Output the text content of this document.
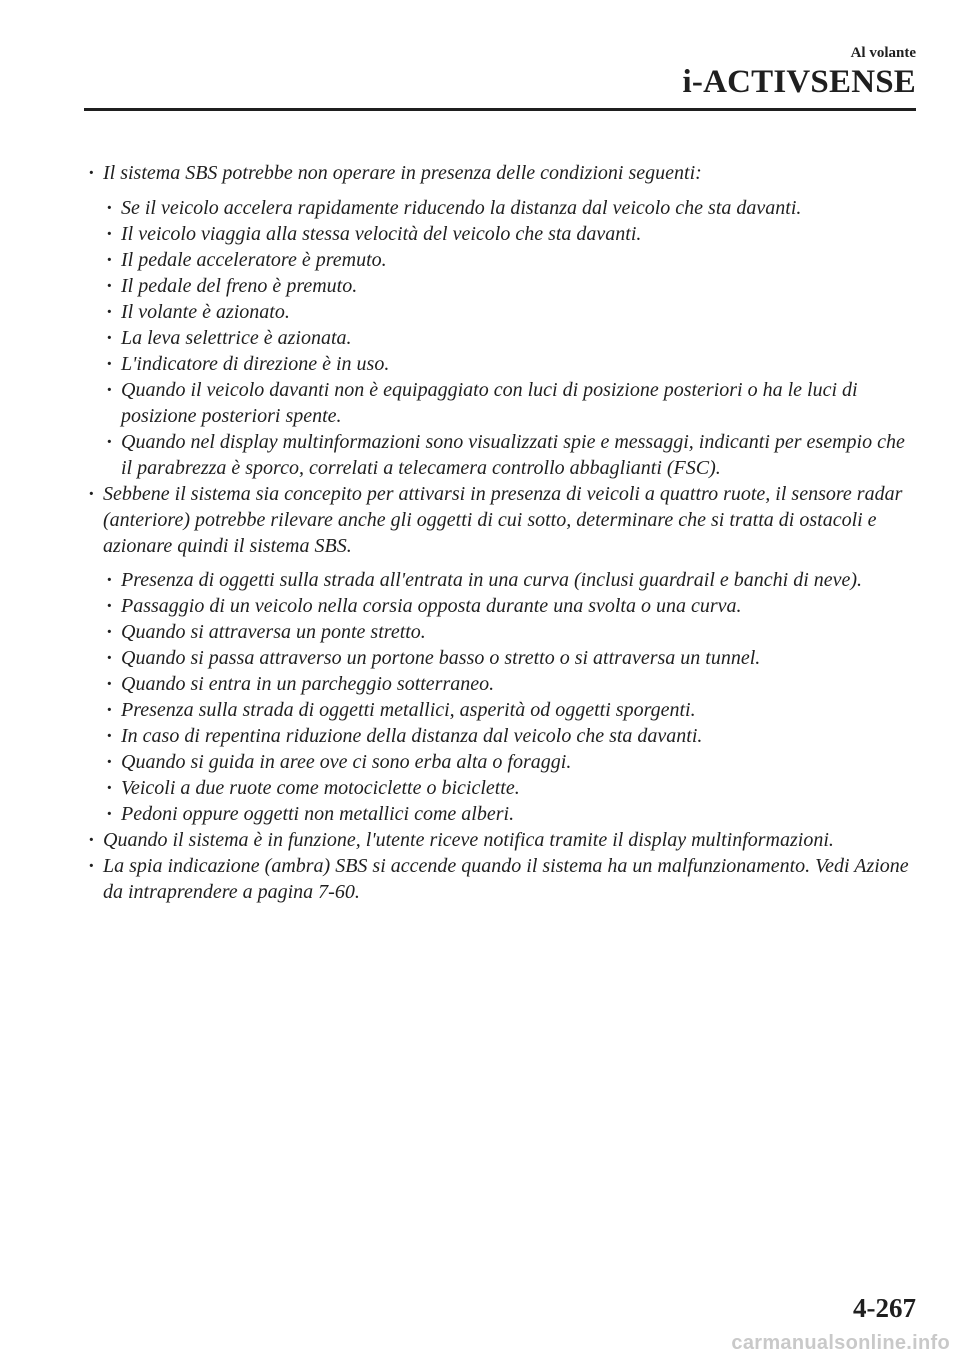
Al volante
i-ACTIVSENSE
· Il sistema SBS potrebbe non operare in presenza delle condizioni seguenti:
· Se il veicolo accelera rapidamente riducendo la distanza dal veicolo che sta davanti.
· Il veicolo viaggia alla stessa velocità del veicolo che sta davanti.
· Il pedale acceleratore è premuto.
· Il pedale del freno è premuto.
· Il volante è azionato.
· La leva selettrice è azionata.
· L'indicatore di direzione è in uso.
· Quando il veicolo davanti non è equipaggiato con luci di posizione posteriori o ha le luci di posizione posteriori spente.
· Quando nel display multinformazioni sono visualizzati spie e messaggi, indicanti per esempio che il parabrezza è sporco, correlati a telecamera controllo abbaglianti (FSC).
· Sebbene il sistema sia concepito per attivarsi in presenza di veicoli a quattro ruote, il sensore radar (anteriore) potrebbe rilevare anche gli oggetti di cui sotto, determinare che si tratta di ostacoli e azionare quindi il sistema SBS.
· Presenza di oggetti sulla strada all'entrata in una curva (inclusi guardrail e banchi di neve).
· Passaggio di un veicolo nella corsia opposta durante una svolta o una curva.
· Quando si attraversa un ponte stretto.
· Quando si passa attraverso un portone basso o stretto o si attraversa un tunnel.
· Quando si entra in un parcheggio sotterraneo.
· Presenza sulla strada di oggetti metallici, asperità od oggetti sporgenti.
· In caso di repentina riduzione della distanza dal veicolo che sta davanti.
· Quando si guida in aree ove ci sono erba alta o foraggi.
· Veicoli a due ruote come motociclette o biciclette.
· Pedoni oppure oggetti non metallici come alberi.
· Quando il sistema è in funzione, l'utente riceve notifica tramite il display multinformazioni.
· La spia indicazione (ambra) SBS si accende quando il sistema ha un malfunzionamento. Vedi Azione da intraprendere a pagina 7-60.
4-267
carmanualsonline.info
